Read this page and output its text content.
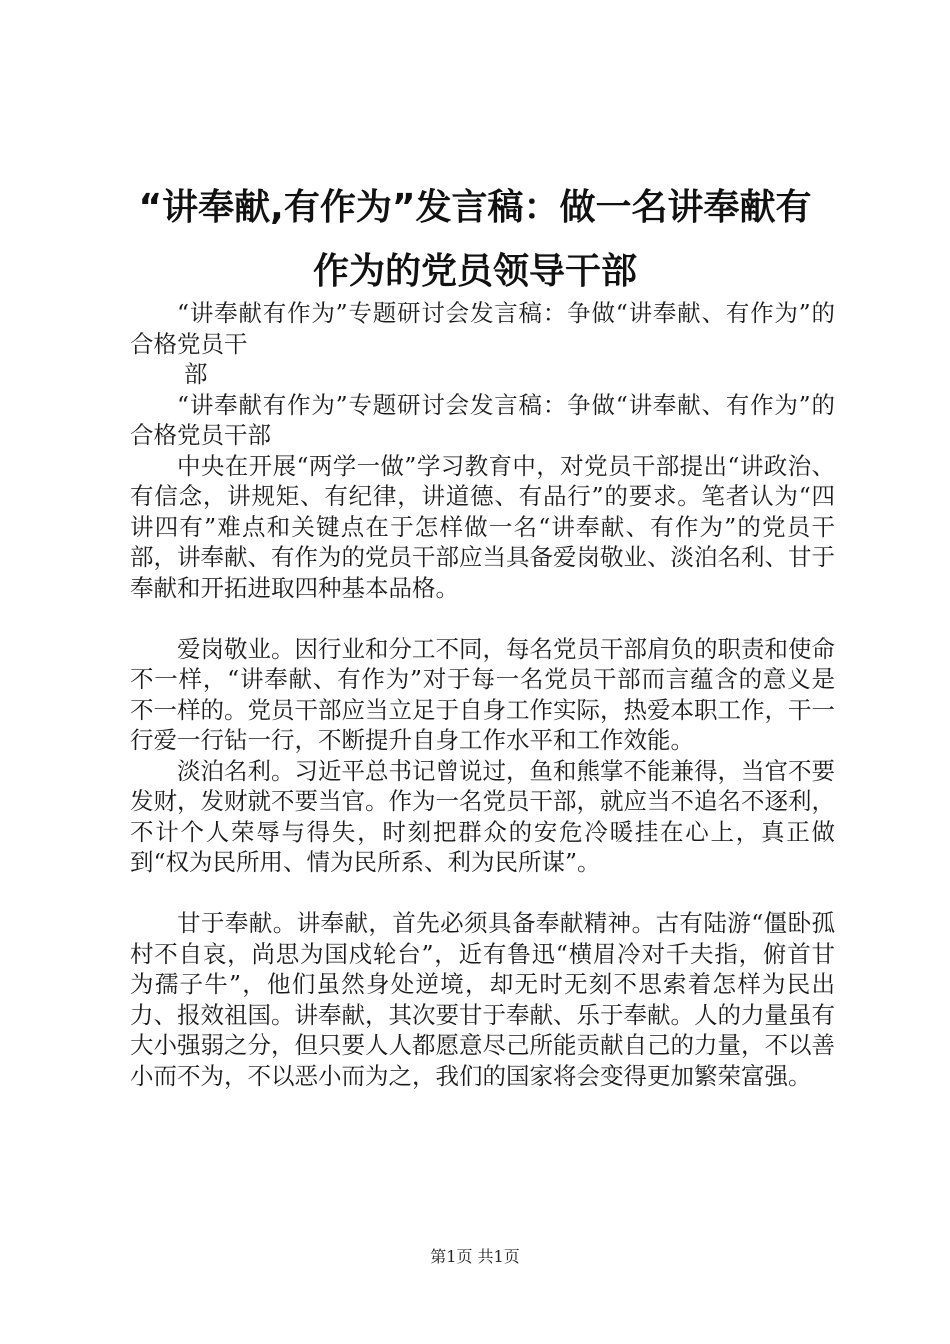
“讲奉献,有作为”发言稿：做一名讲奉献有
作为的党员领导干部

“讲奉献有作为”专题研讨会发言稿：争做“讲奉献、有作为”的合格党员干

部

“讲奉献有作为”专题研讨会发言稿：争做“讲奉献、有作为”的合格党员干部

中央在开展“两学一做”学习教育中，对党员干部提出“讲政治、有信念，讲规矩、有纪律，讲道德、有品行”的要求。笔者认为“四讲四有”难点和关键点在于怎样做一名“讲奉献、有作为”的党员干部，讲奉献、有作为的党员干部应当具备爱岗敬业、淡泊名利、甘于奉献和开拓进取四种基本品格。

爱岗敬业。因行业和分工不同，每名党员干部肩负的职责和使命不一样，“讲奉献、有作为”对于每一名党员干部而言蕴含的意义是不一样的。党员干部应当立足于自身工作实际，热爱本职工作，干一行爱一行钻一行，不断提升自身工作水平和工作效能。

淡泊名利。习近平总书记曾说过，鱼和熊掌不能兼得，当官不要发财，发财就不要当官。作为一名党员干部，就应当不追名不逐利，不计个人荣辱与得失，时刻把群众的安危冷暖挂在心上，真正做到“权为民所用、情为民所系、利为民所谋”。

甘于奉献。讲奉献，首先必须具备奉献精神。古有陆游“僵卧孤村不自哀，尚思为国戍轮台”，近有鲁迅“横眉冷对千夫指，俯首甘为孺子牛”，他们虽然身处逆境，却无时无刻不思索着怎样为民出力、报效祖国。讲奉献，其次要甘于奉献、乐于奉献。人的力量虽有大小强弱之分，但只要人人都愿意尽己所能贡献自己的力量，不以善小而不为，不以恶小而为之，我们的国家将会变得更加繁荣富强。

第1页 共1页
